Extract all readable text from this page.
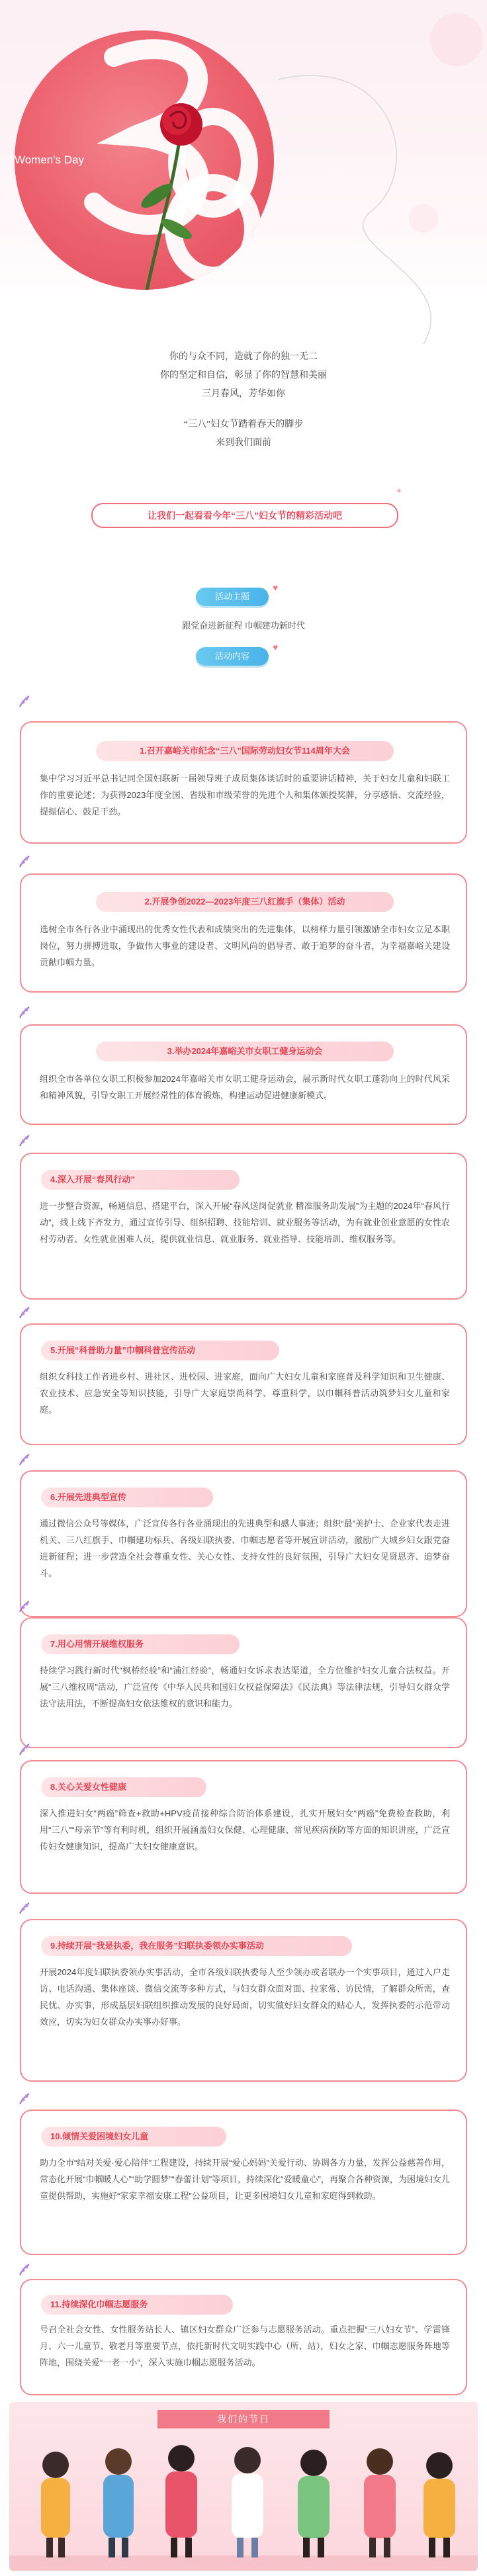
Women's Day
你的与众不同，造就了你的独一无二
你的坚定和自信，彰显了你的智慧和美丽
三月春风，芳华如你
“三八”妇女节踏着春天的脚步
来到我们面前
✦
让我们一起看看今年“三八”妇女节的精彩活动吧
活动主题
♥
跟党奋进新征程 巾帼建功新时代
活动内容
♥
1.召开嘉峪关市纪念“三八”国际劳动妇女节114周年大会
集中学习习近平总书记同全国妇联新一届领导班子成员集体谈话时的重要讲话精神，关于妇女儿童和妇联工作的重要论述；为获得2023年度全国、省级和市级荣誉的先进个人和集体颁授奖牌，分享感悟、交流经验，提振信心、鼓足干劲。
2.开展争创2022—2023年度三八红旗手（集体）活动
选树全市各行各业中涌现出的优秀女性代表和成绩突出的先进集体，以榜样力量引领激励全市妇女立足本职岗位，努力拼搏进取，争做伟大事业的建设者、文明风尚的倡导者、敢于追梦的奋斗者，为幸福嘉峪关建设贡献巾帼力量。
3.举办2024年嘉峪关市女职工健身运动会
组织全市各单位女职工积极参加2024年嘉峪关市女职工健身运动会，展示新时代女职工蓬勃向上的时代风采和精神风貌，引导女职工开展经常性的体育锻炼，构建运动促进健康新模式。
4.深入开展“春风行动”
进一步整合资源，畅通信息、搭建平台，深入开展“春风送岗促就业 精准服务助发展”为主题的2024年“春风行动”，线上线下齐发力，通过宣传引导、组织招聘、技能培训、就业服务等活动，为有就业创业意愿的女性农村劳动者、女性就业困难人员，提供就业信息、就业服务、就业指导、技能培训、维权服务等。
5.开展“科普助力量”巾帼科普宣传活动
组织女科技工作者进乡村、进社区、进校园、进家庭，面向广大妇女儿童和家庭普及科学知识和卫生健康、农业技术、应急安全等知识技能，引导广大家庭崇尚科学、尊重科学，以巾帼科普活动筑梦妇女儿童和家庭。
6.开展先进典型宣传
通过微信公众号等媒体，广泛宣传各行各业涌现出的先进典型和感人事迹；组织“最”美护士、企业家代表走进机关、三八红旗手、巾帼建功标兵、各级妇联执委、巾帼志愿者等开展宣讲活动，激励广大城乡妇女跟党奋进新征程；进一步营造全社会尊重女性、关心女性、支持女性的良好氛围，引导广大妇女见贤思齐、追梦奋斗。
7.用心用情开展维权服务
持续学习践行新时代“枫桥经验”和“浦江经验”，畅通妇女诉求表达渠道，全方位维护妇女儿童合法权益。开展“三八维权周”活动，广泛宣传《中华人民共和国妇女权益保障法》《民法典》等法律法规，引导妇女群众学法守法用法，不断提高妇女依法维权的意识和能力。
8.关心关爱女性健康
深入推进妇女“两癌”筛查+救助+HPV疫苗接种综合防治体系建设，扎实开展妇女“两癌”免费检查救助，利用“三八”“母亲节”等有利时机，组织开展涵盖妇女保健、心理健康、常见疾病预防等方面的知识讲座，广泛宣传妇女健康知识，提高广大妇女健康意识。
9.持续开展“我是执委，我在服务”妇联执委领办实事活动
开展2024年度妇联执委领办实事活动，全市各级妇联执委每人至少领办或者联办一个实事项目，通过入户走访、电话沟通、集体座谈、微信交流等多种方式，与妇女群众面对面、拉家常、访民情，了解群众所需，查民忧、办实事，形成基层妇联组织推动发展的良好局面，切实做好妇女群众的贴心人，发挥执委的示范带动效应，切实为妇女群众办实事办好事。
10.倾情关爱困境妇女儿童
助力全市“结对关爱·爱心陪伴”工程建设，持续开展“爱心妈妈”关爱行动、协调各方力量，发挥公益慈善作用，常态化开展“巾帼暖人心”“助学圆梦”“春蕾计划”等项目，持续深化“爱暖童心”，再聚合各种资源，为困境妇女儿童提供帮助，实施好“家家幸福安康工程”公益项目，让更多困境妇女儿童和家庭得到救助。
11.持续深化巾帼志愿服务
号召全社会女性、女性服务站长人、镇区妇女群众广泛参与志愿服务活动。重点把握“三八妇女节”、学雷锋月、六一儿童节、敬老月等重要节点，依托新时代文明实践中心（所、站），妇女之家、巾帼志愿服务阵地等阵地，围绕关爱“一老一小”，深入实施巾帼志愿服务活动。
我们的节日
